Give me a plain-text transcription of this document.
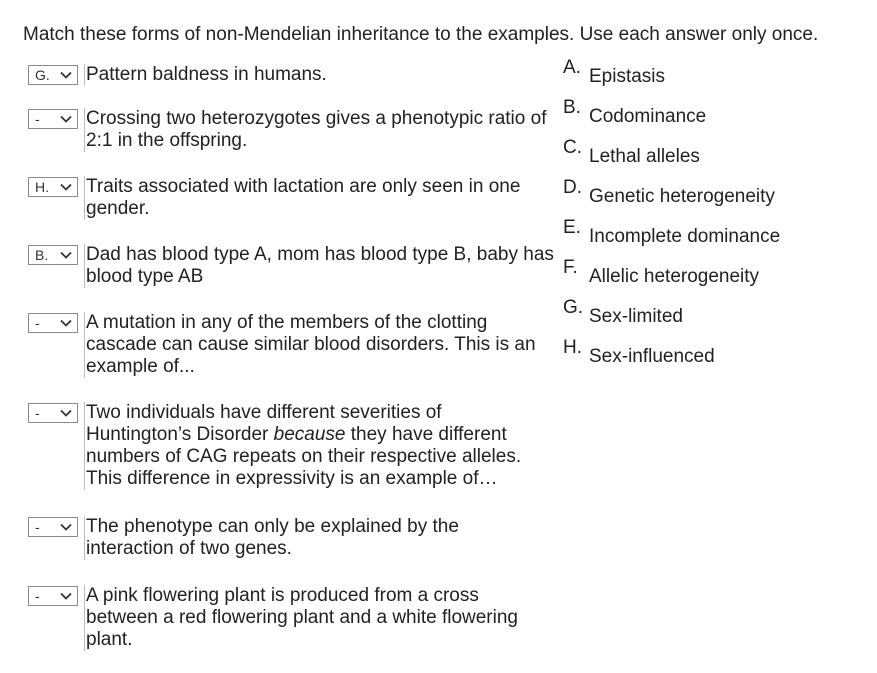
Match these forms of non-Mendelian inheritance to the examples. Use each answer only once.
G. Pattern baldness in humans.
- Crossing two heterozygotes gives a phenotypic ratio of 2:1 in the offspring.
H. Traits associated with lactation are only seen in one gender.
B. Dad has blood type A, mom has blood type B, baby has blood type AB
- A mutation in any of the members of the clotting cascade can cause similar blood disorders. This is an example of...
- Two individuals have different severities of Huntington’s Disorder because they have different numbers of CAG repeats on their respective alleles. This difference in expressivity is an example of…
- The phenotype can only be explained by the interaction of two genes.
- A pink flowering plant is produced from a cross between a red flowering plant and a white flowering plant.
A. Epistasis
B. Codominance
C. Lethal alleles
D. Genetic heterogeneity
E. Incomplete dominance
F. Allelic heterogeneity
G. Sex-limited
H. Sex-influenced
